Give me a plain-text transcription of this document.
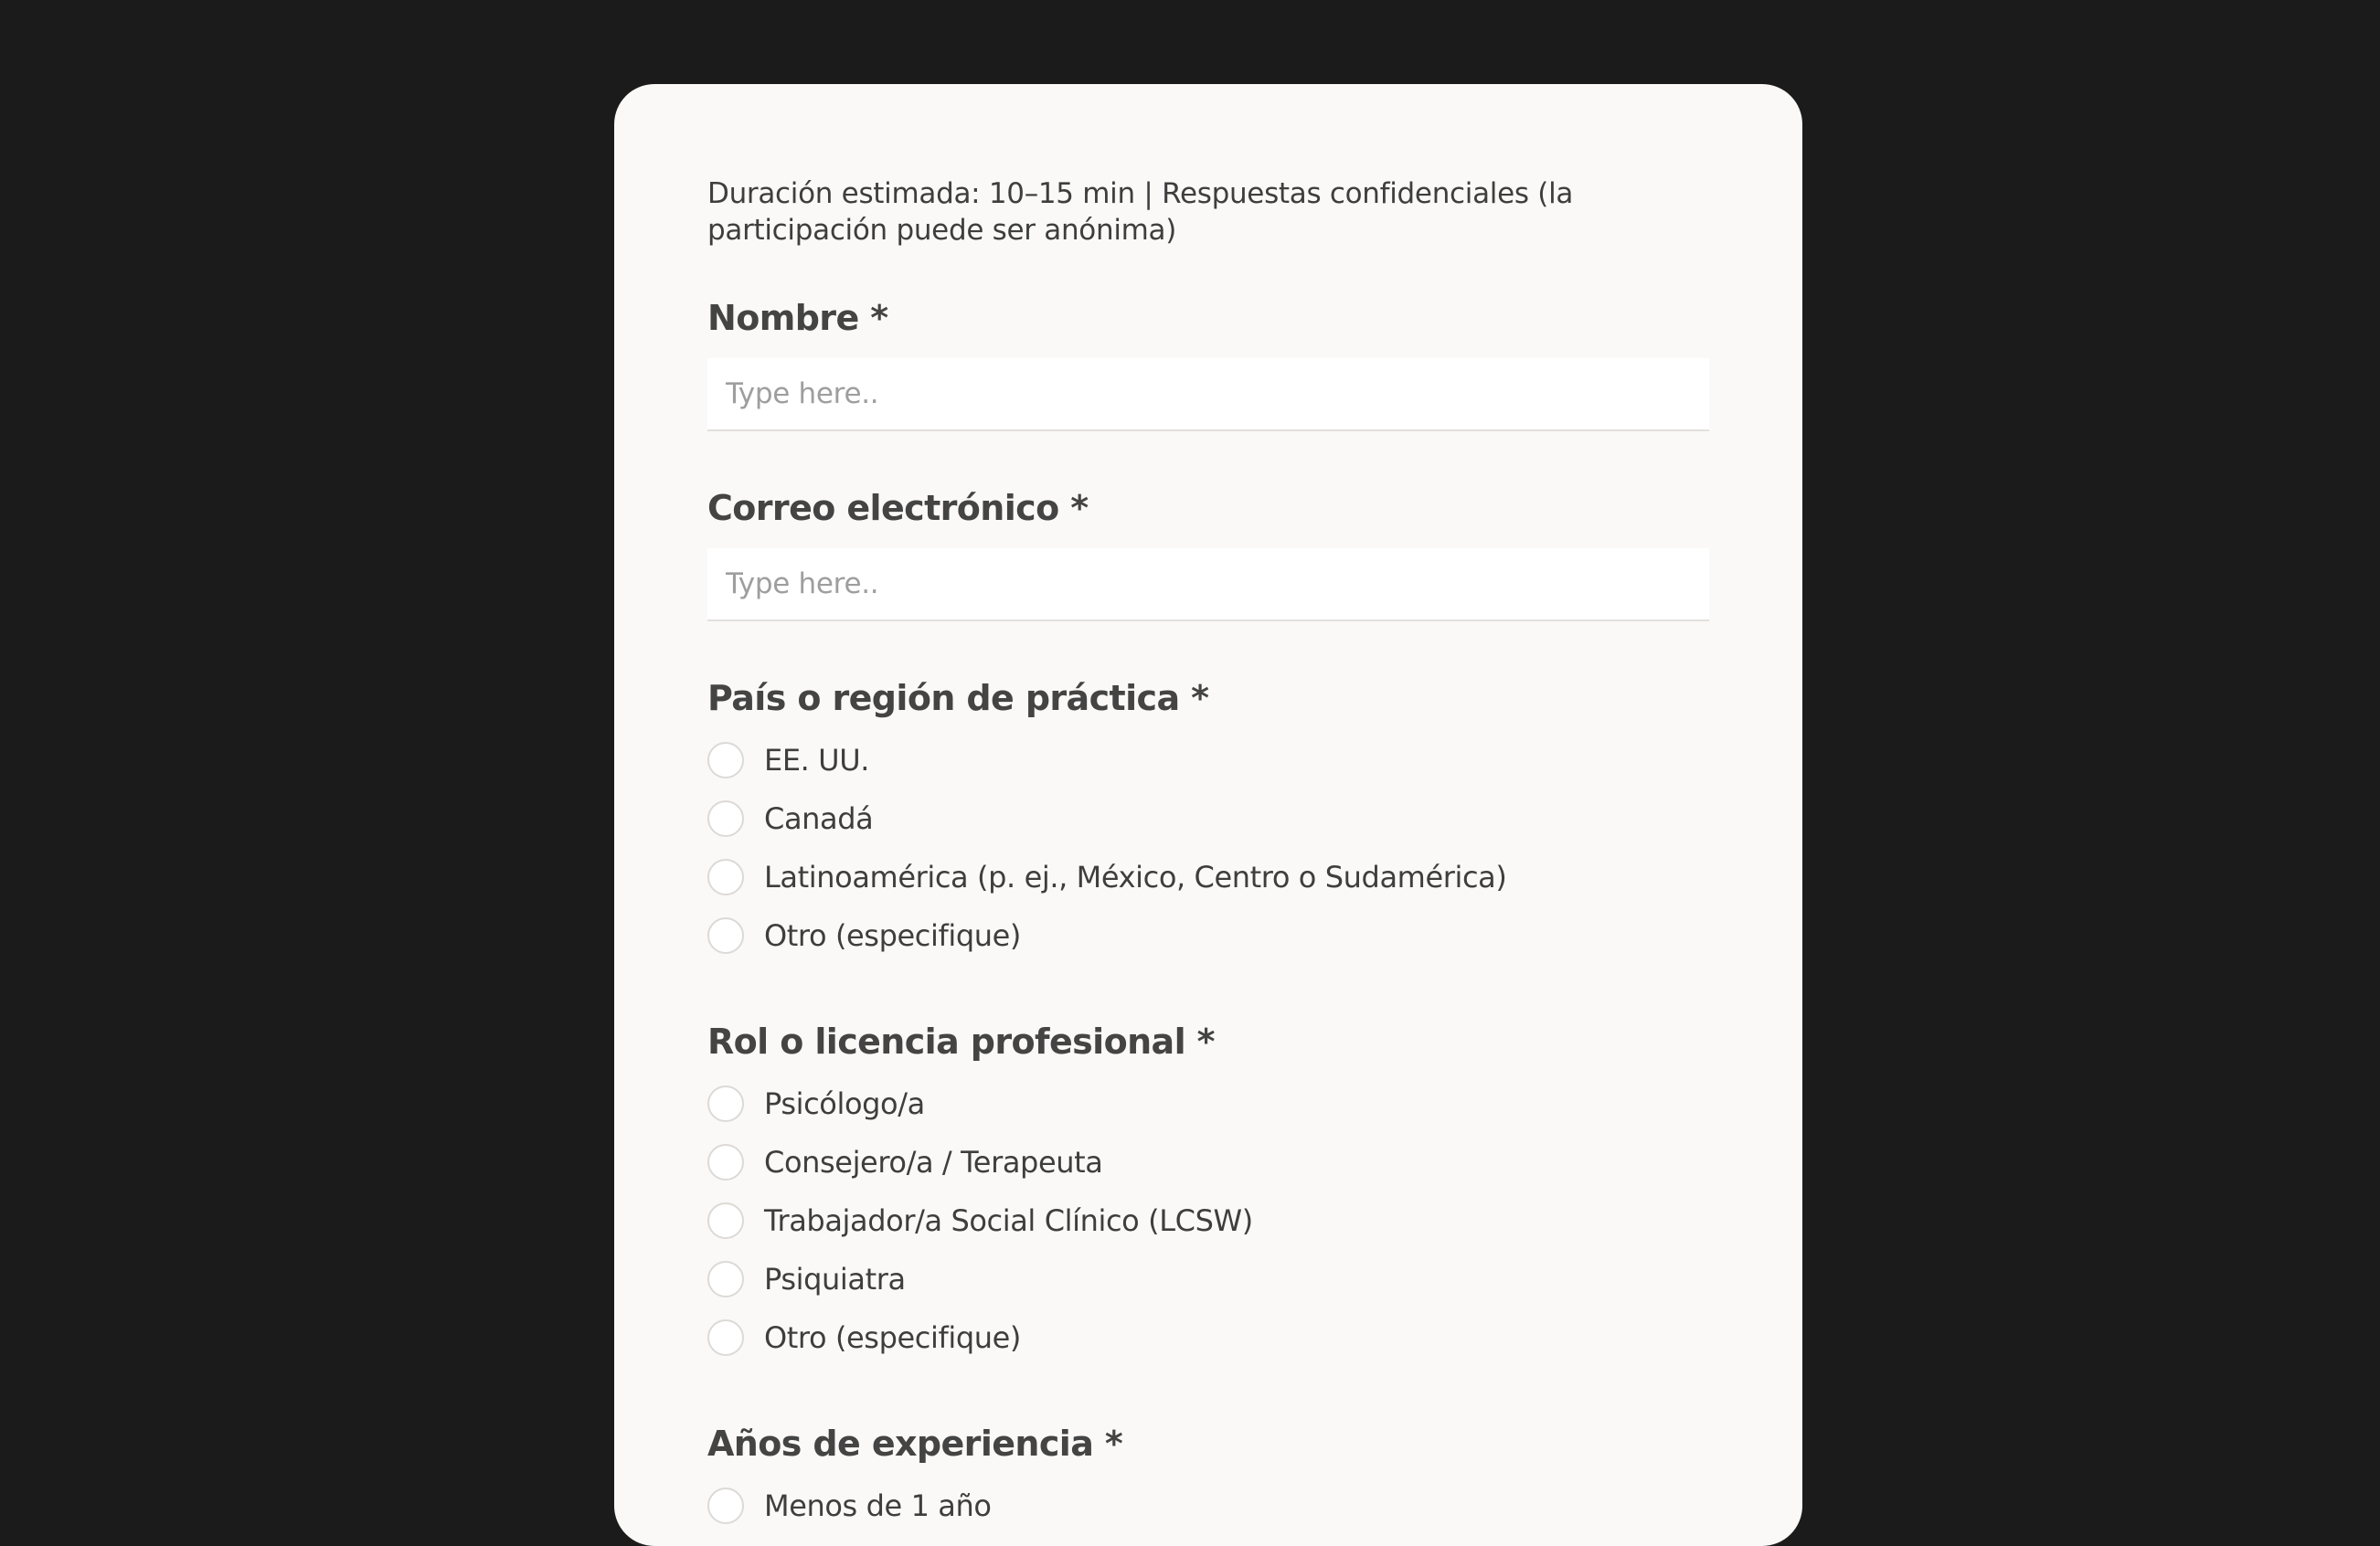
Duración estimada: 10–15 min | Respuestas confidenciales (la participación puede ser anónima)

Nombre *
Type here..
Correo electrónico *
Type here..
País o región de práctica *
EE. UU.
Canadá
Latinoamérica (p. ej., México, Centro o Sudamérica)
Otro (especifique)
Rol o licencia profesional *
Psicólogo/a
Consejero/a / Terapeuta
Trabajador/a Social Clínico (LCSW)
Psiquiatra
Otro (especifique)
Años de experiencia *
Menos de 1 año
